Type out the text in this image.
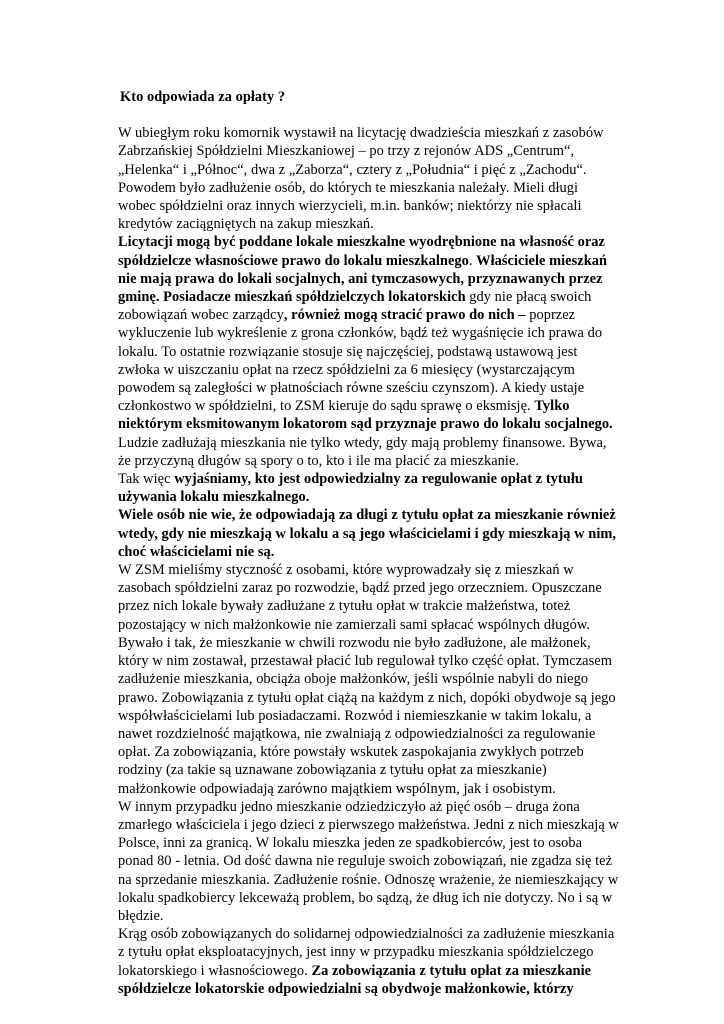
Kto odpowiada za opłaty ?
W ubiegłym roku komornik wystawił na licytację dwadzieścia mieszkań z zasobów
Zabrzańskiej Spółdzielni Mieszkaniowej – po trzy z rejonów ADS „Centrum“,
„Helenka“ i „Północ“, dwa z „Zaborza“, cztery z „Południa“ i pięć z „Zachodu“.
Powodem było zadłużenie osób, do których te mieszkania należały. Mieli długi
wobec spółdzielni oraz innych wierzycieli, m.in. banków; niektórzy nie spłacali
kredytów zaciągniętych na zakup mieszkań.
Licytacji mogą być poddane lokale mieszkalne wyodrębnione na własność oraz
spółdzielcze własnościowe prawo do lokalu mieszkalnego. Właściciele mieszkań
nie mają prawa do lokali socjalnych, ani tymczasowych, przyznawanych przez
gminę. Posiadacze mieszkań spółdzielczych lokatorskich gdy nie płacą swoich
zobowiązań wobec zarządcy, również mogą stracić prawo do nich – poprzez
wykluczenie lub wykreślenie z grona członków, bądź też wygaśnięcie ich prawa do
lokalu. To ostatnie rozwiązanie stosuje się najczęściej, podstawą ustawową jest
zwłoka w uiszczaniu opłat na rzecz spółdzielni za 6 miesięcy (wystarczającym
powodem są zaległości w płatnościach równe sześciu czynszom). A kiedy ustaje
członkostwo w spółdzielni, to ZSM kieruje do sądu sprawę o eksmisję. Tylko
niektórym eksmitowanym lokatorom sąd przyznaje prawo do lokalu socjalnego.
Ludzie zadłużają mieszkania nie tylko wtedy, gdy mają problemy finansowe. Bywa,
że przyczyną długów są spory o to, kto i ile ma płacić za mieszkanie.
Tak więc wyjaśniamy, kto jest odpowiedzialny za regulowanie opłat z tytułu
używania lokalu mieszkalnego.
Wiele osób nie wie, że odpowiadają za długi z tytułu opłat za mieszkanie również
wtedy, gdy nie mieszkają w lokalu a są jego właścicielami i gdy mieszkają w nim,
choć właścicielami nie są.
W ZSM mieliśmy styczność z osobami, które wyprowadzały się z mieszkań w
zasobach spółdzielni zaraz po rozwodzie, bądź przed jego orzeczniem. Opuszczane
przez nich lokale bywały zadłużane z tytułu opłat w trakcie małżeństwa, toteż
pozostający w nich małżonkowie nie zamierzali sami spłacać wspólnych długów.
Bywało i tak, że mieszkanie w chwili rozwodu nie było zadłużone, ale małżonek,
który w nim zostawał, przestawał płacić lub regulował tylko część opłat. Tymczasem
zadłużenie mieszkania, obciąża oboje małżonków, jeśli wspólnie nabyli do niego
prawo. Zobowiązania z tytułu opłat ciążą na każdym z nich, dopóki obydwoje są jego
współwłaścicielami lub posiadaczami. Rozwód i niemieszkanie w takim lokalu, a
nawet rozdzielność majątkowa, nie zwalniają z odpowiedzialności za regulowanie
opłat. Za zobowiązania, które powstały wskutek zaspokajania zwykłych potrzeb
rodziny (za takie są uznawane zobowiązania z tytułu opłat za mieszkanie)
małżonkowie odpowiadają zarówno majątkiem wspólnym, jak i osobistym.
W innym przypadku jedno mieszkanie odziedziczyło aż pięć osób – druga żona
zmarłego właściciela i jego dzieci z pierwszego małżeństwa. Jedni z nich mieszkają w
Polsce, inni za granicą. W lokalu mieszka jeden ze spadkobierców, jest to osoba
ponad 80 - letnia. Od dość dawna nie reguluje swoich zobowiązań, nie zgadza się też
na sprzedanie mieszkania. Zadłużenie rośnie. Odnoszę wrażenie, że niemieszkający w
lokalu spadkobiercy lekceważą problem, bo sądzą, że dług ich nie dotyczy. No i są w
błędzie.
Krąg osób zobowiązanych do solidarnej odpowiedzialności za zadłużenie mieszkania
z tytułu opłat eksploatacyjnych, jest inny w przypadku mieszkania spółdzielczego
lokatorskiego i własnościowego. Za zobowiązania z tytułu opłat za mieszkanie
spółdzielcze lokatorskie odpowiedzialni są obydwoje małżonkowie, którzy
